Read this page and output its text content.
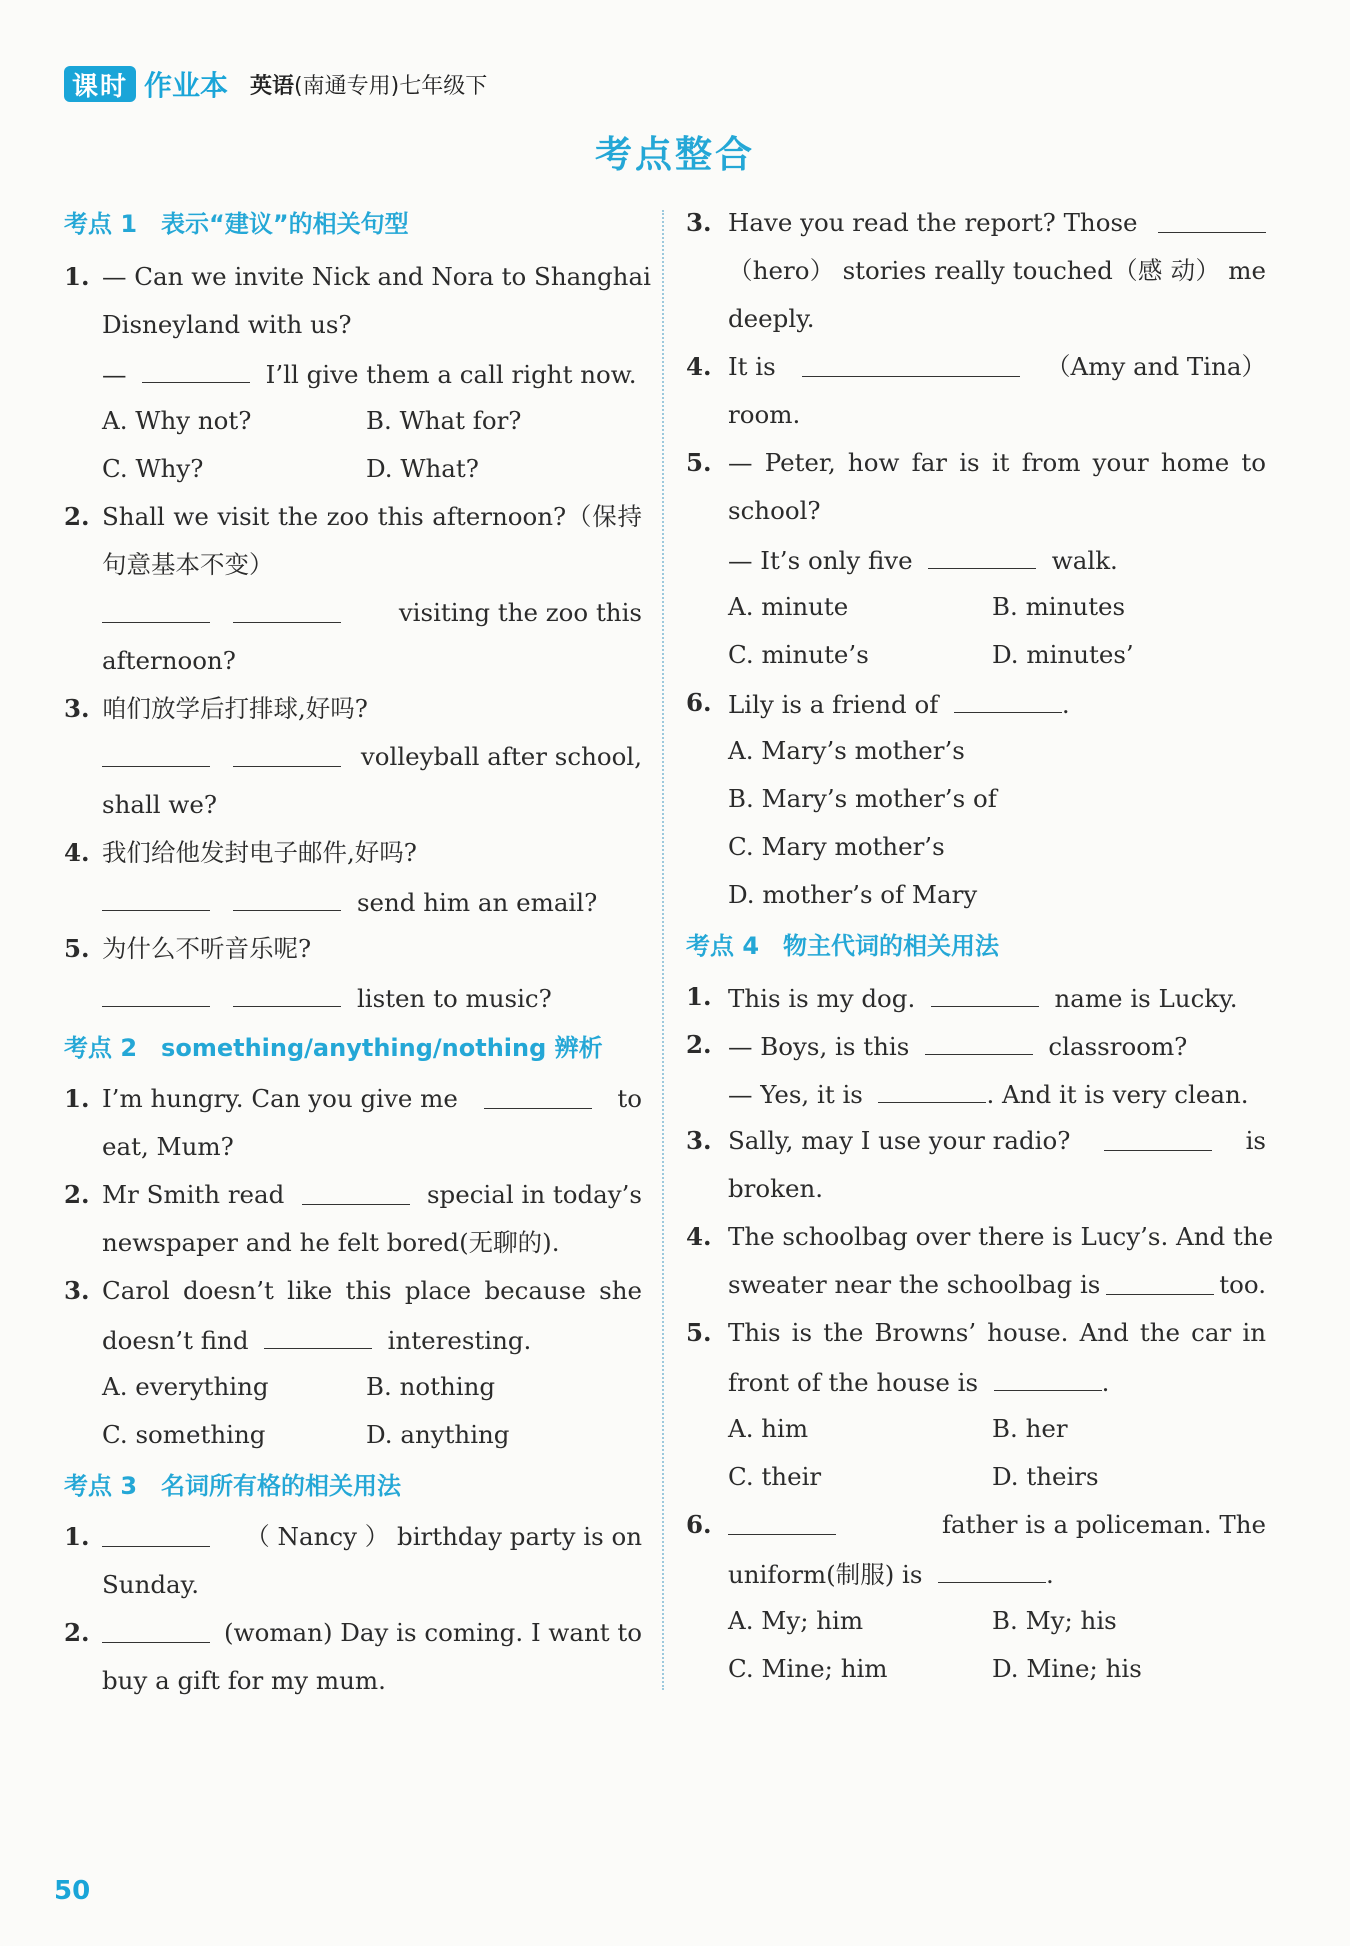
课时 作业本 英语(南通专用)七年级下
考点整合
考点 1　表示“建议”的相关句型
1. — Can we invite Nick and Nora to Shanghai
Disneyland with us?
—	I’ll give them a call right now.
A. Why not?	B. What for?
C. Why?	D. What?
2. Shall we visit the zoo this afternoon?（保持
句意基本不变）

visiting the zoo this
afternoon?
3. 咱们放学后打排球,好吗?

volleyball after school,
shall we?
4. 我们给他发封电子邮件,好吗?
send him an email?
5. 为什么不听音乐呢?
listen to music?
考点 2　something/anything/nothing 辨析
1. I’m hungry. Can you give me	to
eat, Mum?
2. Mr Smith read	special in today’s
newspaper and he felt bored(无聊的).
3. Carol doesn’t like this place because she
doesn’t find	interesting.
A. everything	B. nothing
C. something	D. anything
考点 3　名词所有格的相关用法
1.	（ Nancy ） birthday party is on
Sunday.
2.	(woman) Day is coming. I want to
buy a gift for my mum.
3. Have you read the report? Those
（hero） stories really touched（感 动） me
deeply.
4. It is	（Amy and Tina）
room.
5. — Peter, how far is it from your home to
school?
— It’s only five	walk.
A. minute	B. minutes
C. minute’s	D. minutes’
6. Lily is a friend of	.
A. Mary’s mother’s
B. Mary’s mother’s of
C. Mary mother’s
D. mother’s of Mary
考点 4　物主代词的相关用法
1. This is my dog.	name is Lucky.
2. — Boys, is this	classroom?
— Yes, it is	. And it is very clean.
3. Sally, may I use your radio?	is
broken.
4. The schoolbag over there is Lucy’s. And the
sweater near the schoolbag is	too.
5. This is the Browns’ house. And the car in
front of the house is	.
A. him	B. her
C. their	D. theirs
6.	father is a policeman. The
uniform(制服) is	.
A. My; him	B. My; his
C. Mine; him	D. Mine; his
50
